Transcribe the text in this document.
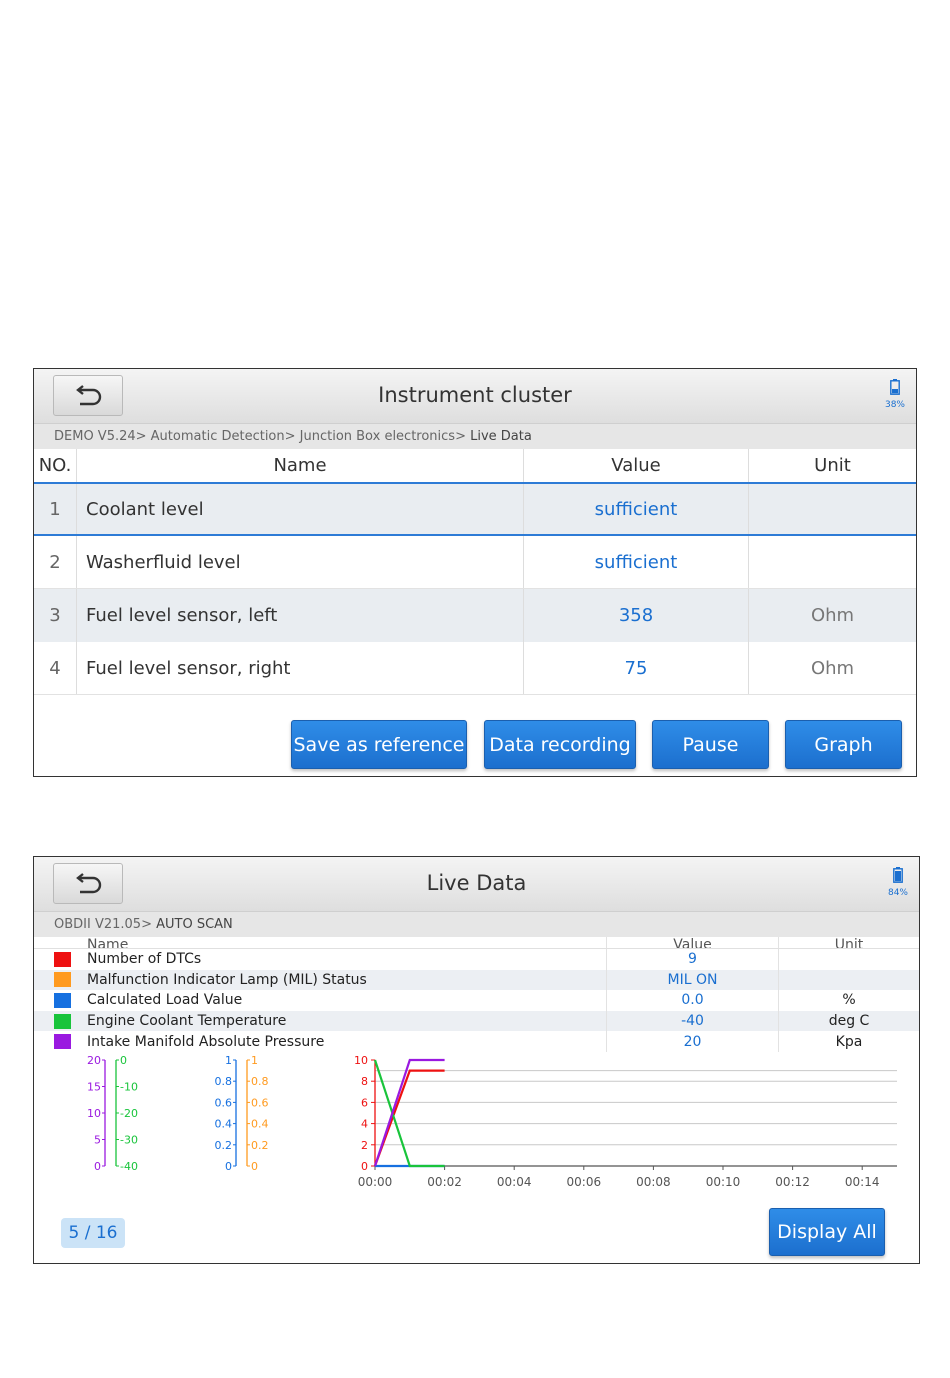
Instrument cluster	38%
DEMO V5.24> Automatic Detection> Junction Box electronics> Live Data
NO.	Name	Value	Unit
1	Coolant level	sufficient
2	Washerfluid level	sufficient
3	Fuel level sensor, left	358	Ohm
4	Fuel level sensor, right	75	Ohm
Save as reference Data recording	Pause	Graph
Live Data	84%
OBDII V21.05> AUTO SCAN
Name	Value	Unit
Number of DTCs	9
Malfunction Indicator Lamp (MIL) Status	MIL ON
Calculated Load Value	0.0	%
Engine Coolant Temperature	-40	deg C
Intake Manifold Absolute Pressure	20	Kpa
20
15
10
5
0
0
-10
-20
-30
-40
1
0.8
0.6
0.4
0.2
0
1
0.8
0.6
0.4
0.2
0
10
8
6
4
2
0
00:00	00:02	00:04	00:06	00:08	00:10	00:12	00:14
5 / 16	Display All
